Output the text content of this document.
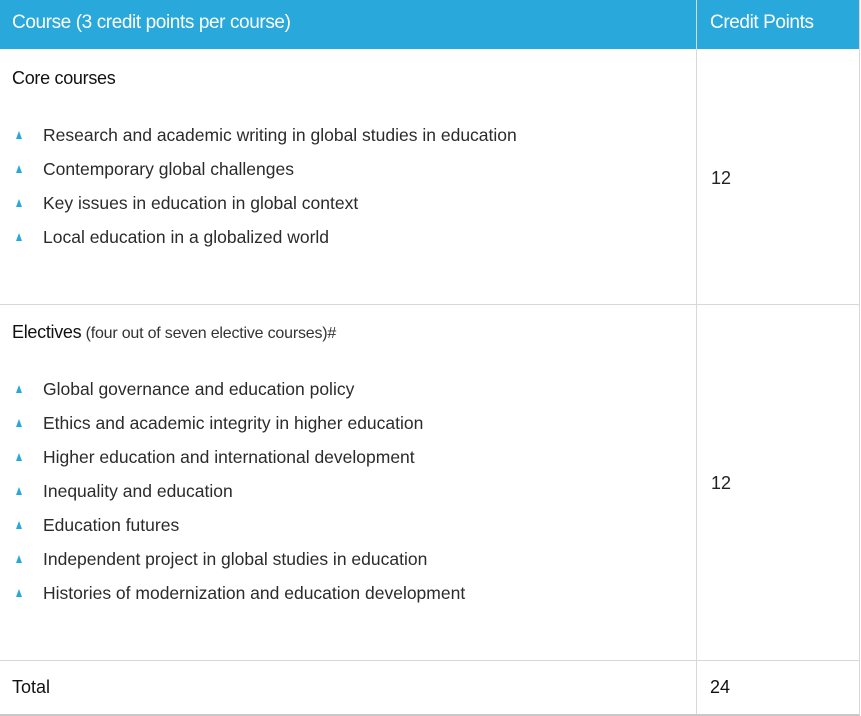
Course (3 credit points per course)	Credit Points
Core courses
Research and academic writing in global studies in education
Contemporary global challenges
Key issues in education in global context
Local education in a globalized world
12
Electives (four out of seven elective courses)#
Global governance and education policy
Ethics and academic integrity in higher education
Higher education and international development
Inequality and education
Education futures
Independent project in global studies in education
Histories of modernization and education development
12
Total	24
